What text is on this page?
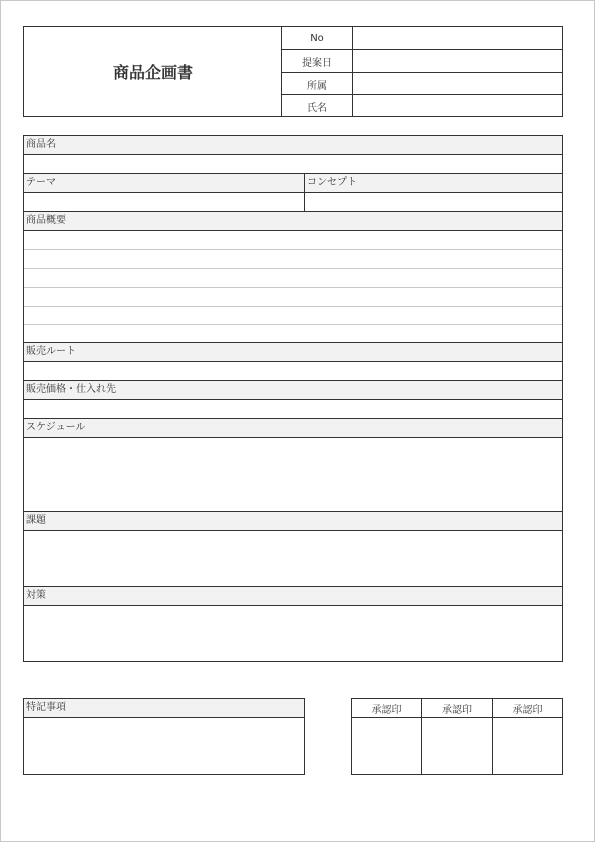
商品企画書
No
提案日
所属
氏名
商品名
テーマ	コンセプト
商品概要
販売ルート
販売価格・仕入れ先
スケジュール
課題
対策
特記事項	承認印	承認印	承認印
